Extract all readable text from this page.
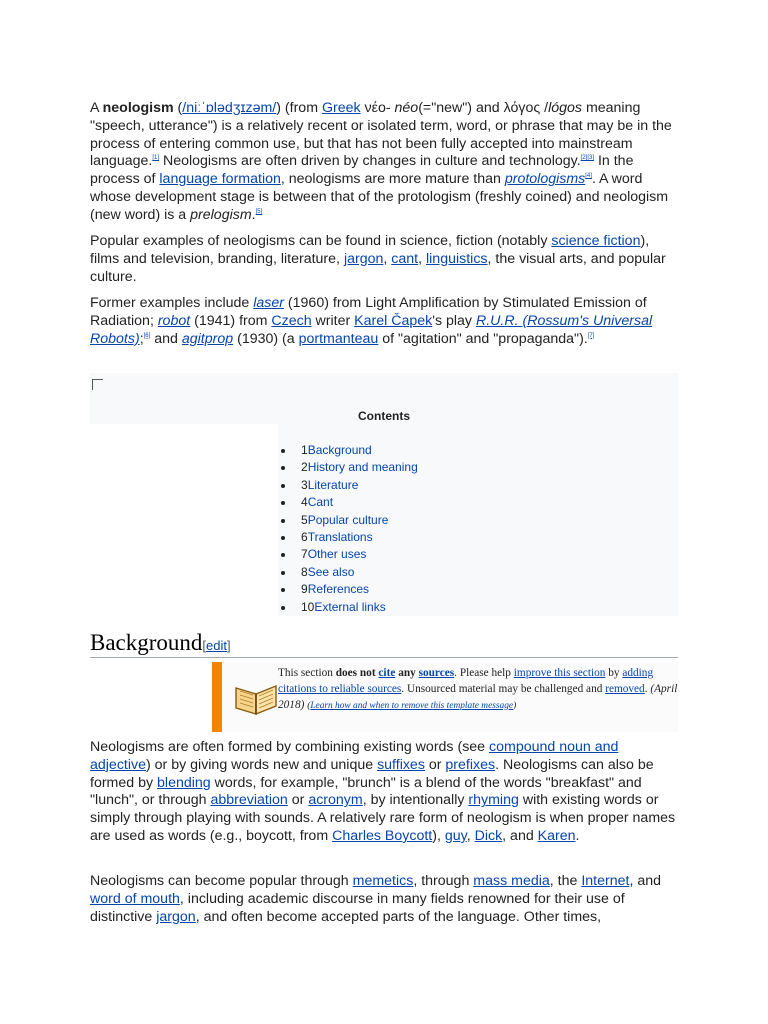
A neologism (/niːˈɒlədʒɪzəm/) (from Greek νέο- néo(="new") and λόγος /lógos meaning "speech, utterance") is a relatively recent or isolated term, word, or phrase that may be in the process of entering common use, but that has not been fully accepted into mainstream language.[1] Neologisms are often driven by changes in culture and technology.[2][3] In the process of language formation, neologisms are more mature than protologisms[4]. A word whose development stage is between that of the protologism (freshly coined) and neologism (new word) is a prelogism.[5]

Popular examples of neologisms can be found in science, fiction (notably science fiction), films and television, branding, literature, jargon, cant, linguistics, the visual arts, and popular culture.

Former examples include laser (1960) from Light Amplification by Stimulated Emission of Radiation; robot (1941) from Czech writer Karel Čapek's play R.U.R. (Rossum's Universal Robots);[6] and agitprop (1930) (a portmanteau of "agitation" and "propaganda").[7]

Contents
1Background
2History and meaning
3Literature
4Cant
5Popular culture
6Translations
7Other uses
8See also
9References
10External links
Background[edit]
This section does not cite any sources. Please help improve this section by adding citations to reliable sources. Unsourced material may be challenged and removed. (April 2018) (Learn how and when to remove this template message)

Neologisms are often formed by combining existing words (see compound noun and adjective) or by giving words new and unique suffixes or prefixes. Neologisms can also be formed by blending words, for example, "brunch" is a blend of the words "breakfast" and "lunch", or through abbreviation or acronym, by intentionally rhyming with existing words or simply through playing with sounds. A relatively rare form of neologism is when proper names are used as words (e.g., boycott, from Charles Boycott), guy, Dick, and Karen.

Neologisms can become popular through memetics, through mass media, the Internet, and word of mouth, including academic discourse in many fields renowned for their use of distinctive jargon, and often become accepted parts of the language. Other times,
